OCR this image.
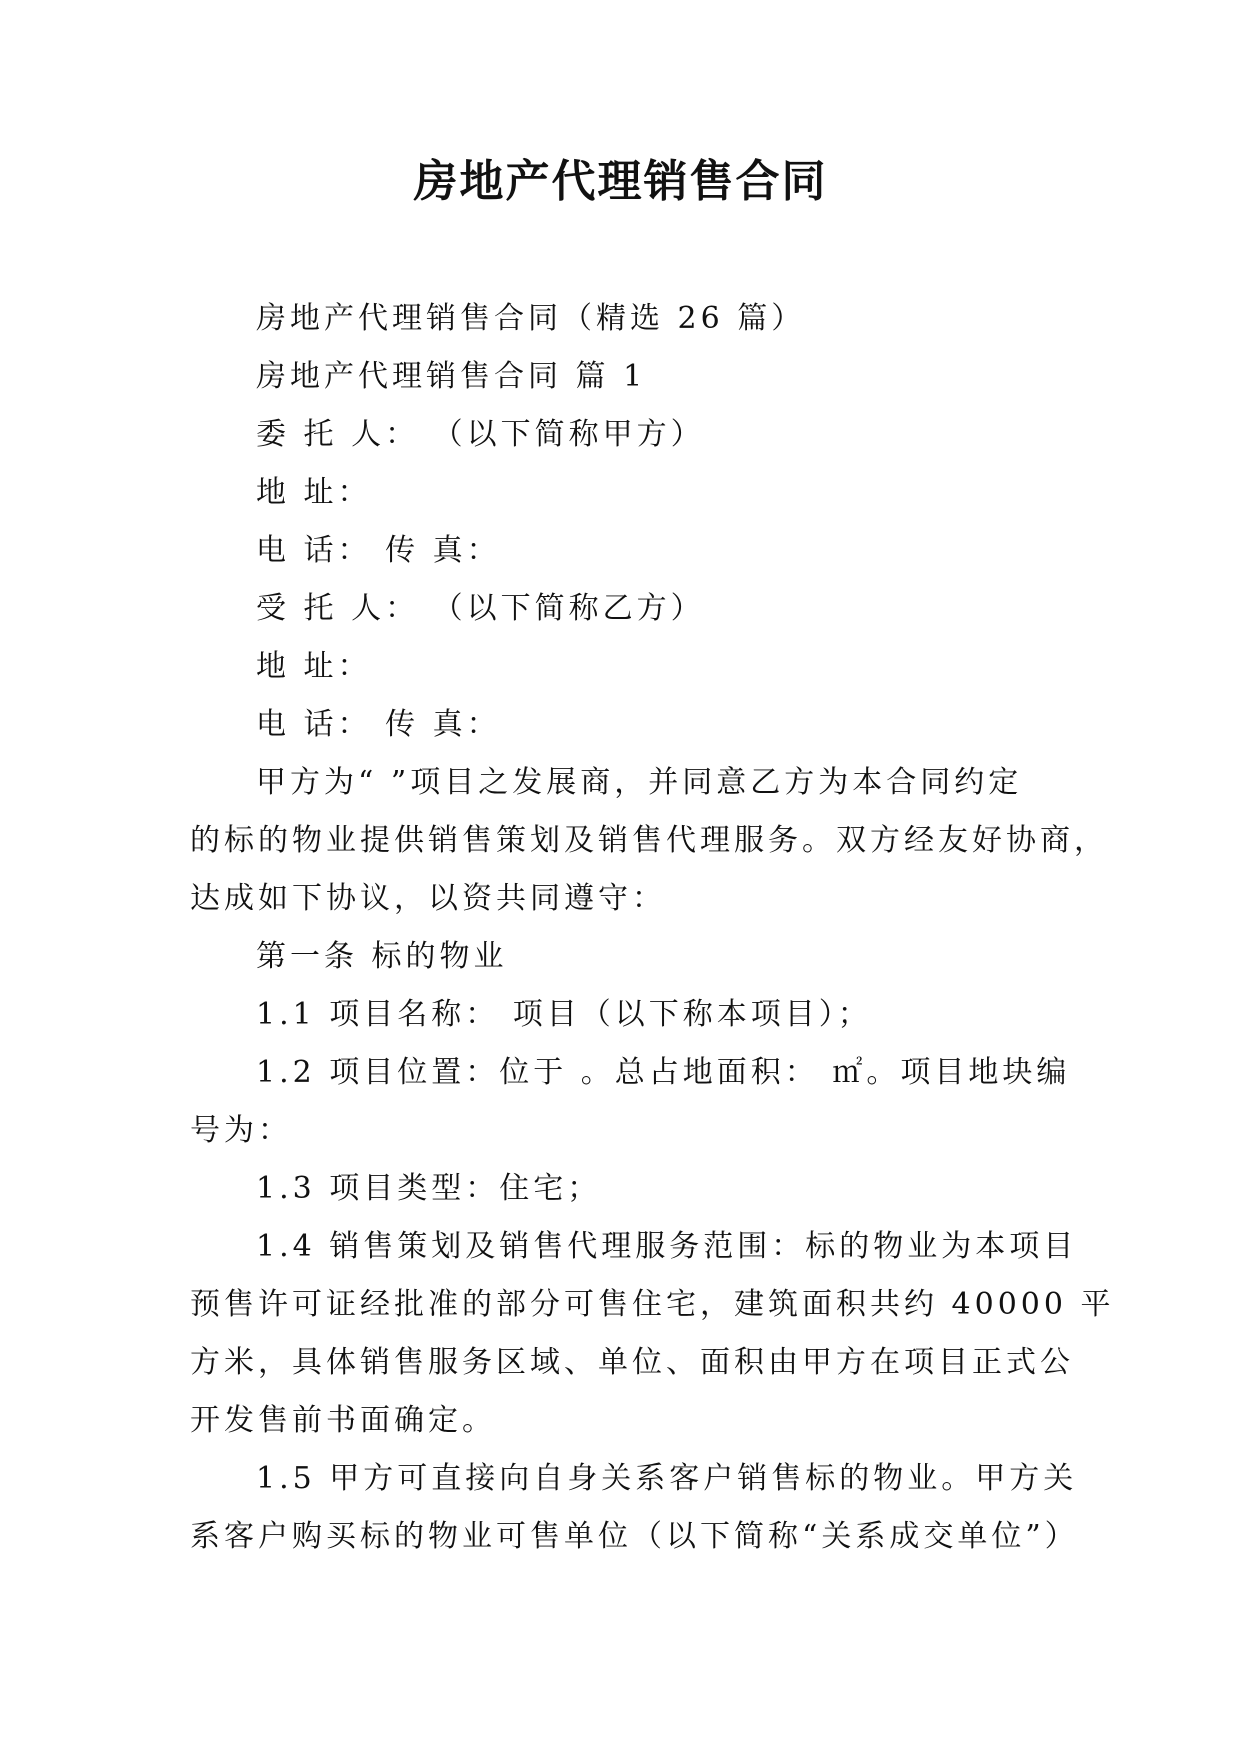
房地产代理销售合同
房地产代理销售合同（精选 26 篇）
房地产代理销售合同 篇 1
委 托 人： （以下简称甲方）
地 址：
电 话： 传 真：
受 托 人： （以下简称乙方）
地 址：
电 话： 传 真：
甲方为“ ”项目之发展商，并同意乙方为本合同约定
的标的物业提供销售策划及销售代理服务。双方经友好协商，
达成如下协议，以资共同遵守：
第一条 标的物业
1.1 项目名称： 项目（以下称本项目）；
1.2 项目位置：位于 。总占地面积： ㎡。项目地块编
号为：
1.3 项目类型：住宅；
1.4 销售策划及销售代理服务范围：标的物业为本项目
预售许可证经批准的部分可售住宅，建筑面积共约 40000 平
方米，具体销售服务区域、单位、面积由甲方在项目正式公
开发售前书面确定。
1.5 甲方可直接向自身关系客户销售标的物业。甲方关
系客户购买标的物业可售单位（以下简称“关系成交单位”）
